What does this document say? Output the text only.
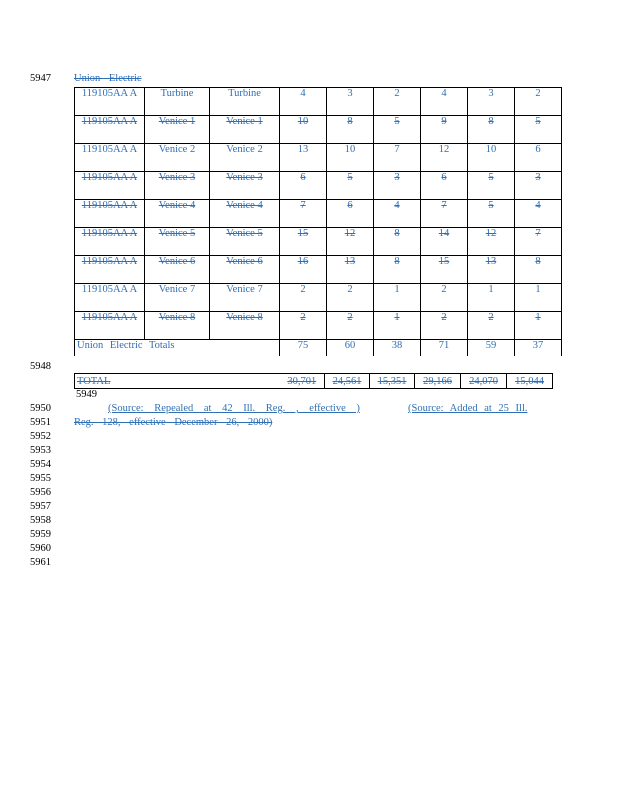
5947
5948
5950
5951
5952
5953
5954
5955
5956
5957
5958
5959
5960
5961
Union Electric
119105AA A	Turbine	Turbine	4	3	2	4	3	2
119105AA A	Venice 1	Venice 1	10	8	5	9	8	5
119105AA A	Venice 2	Venice 2	13	10	7	12	10	6
119105AA A	Venice 3	Venice 3	6	5	3	6	5	3
119105AA A	Venice 4	Venice 4	7	6	4	7	5	4
119105AA A	Venice 5	Venice 5	15	12	8	14	12	7
119105AA A	Venice 6	Venice 6	16	13	8	15	13	8
119105AA A	Venice 7	Venice 7	2	2	1	2	1	1
119105AA A	Venice 8	Venice 8	2	2	1	2	2	1
Union Electric Totals			75	60	38	71	59	37
TOTAL	30,701	24,561	15,351	29,166	24,070	15,044
5949
(Source: Repealed at 42 Ill. Reg. , effective )	(Source: Added at 25 Ill.
Reg. 128, effective December 26, 2000)
